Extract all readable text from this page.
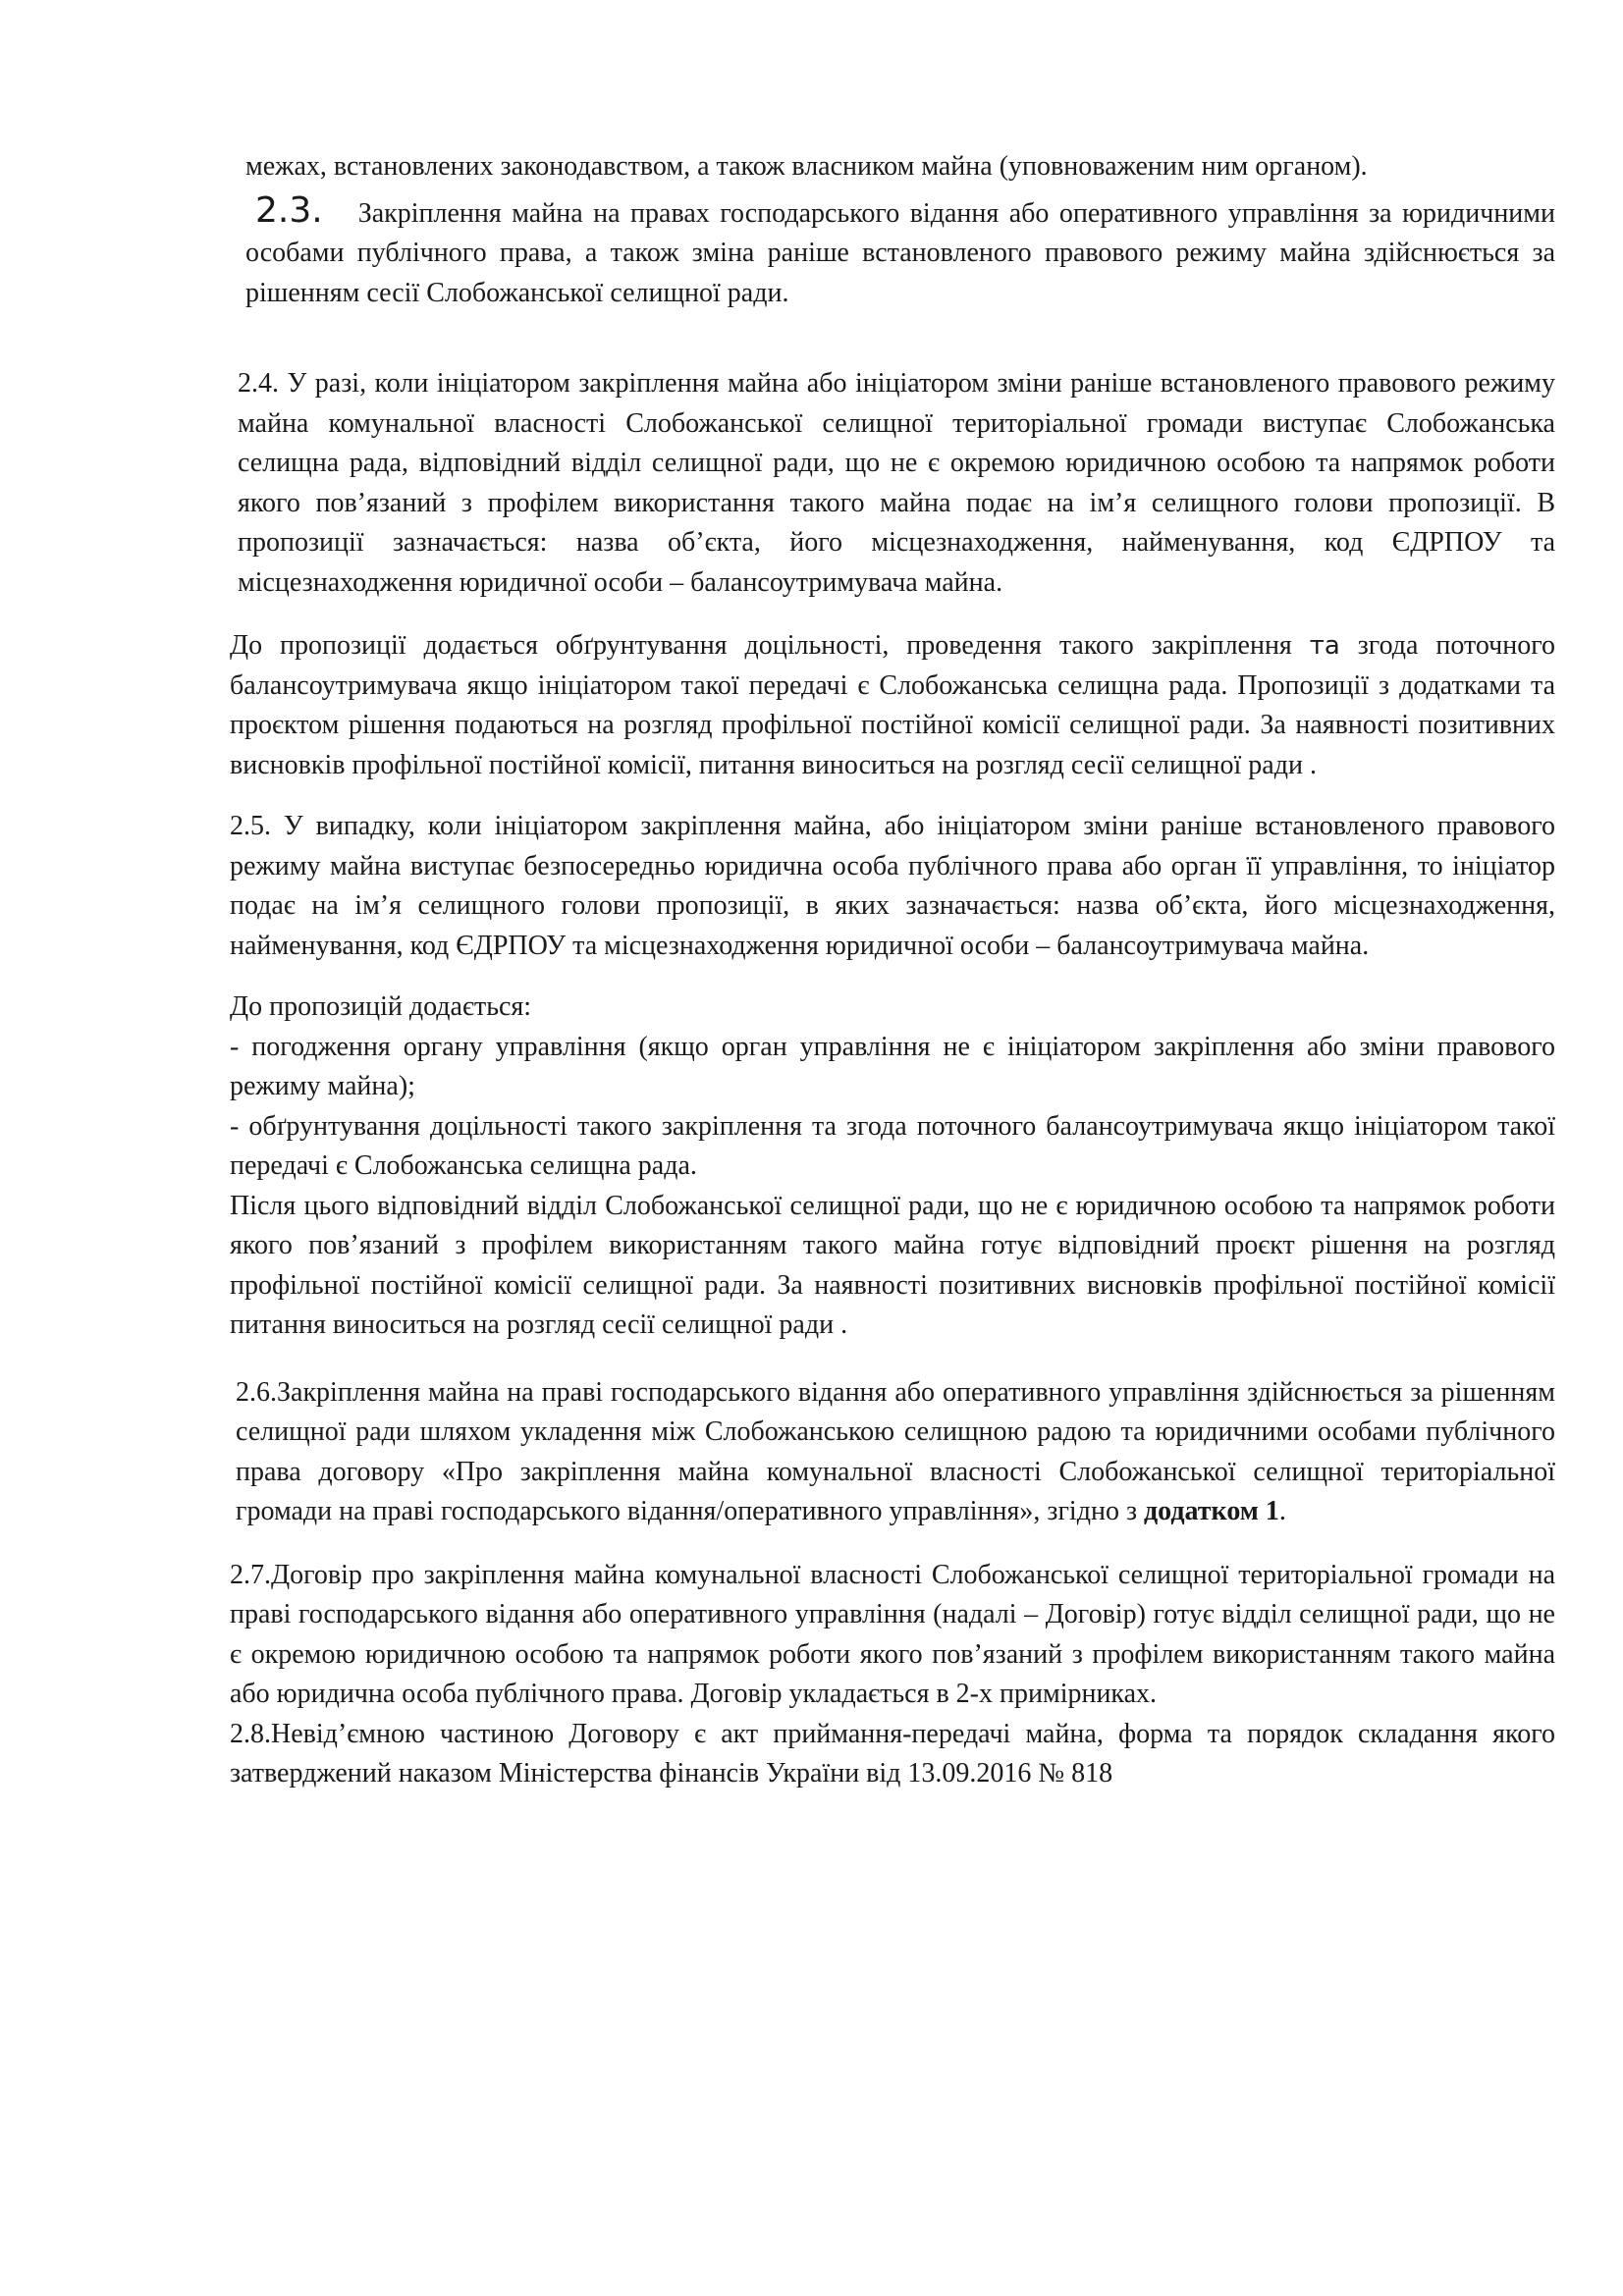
межах, встановлених законодавством, а також власником майна (уповноваженим ним органом).

2.3. Закріплення майна на правах господарського відання або оперативного управління за юридичними особами публічного права, а також зміна раніше встановленого правового режиму майна здійснюється за рішенням сесії Слобожанської селищної ради.

2.4. У разі, коли ініціатором закріплення майна або ініціатором зміни раніше встановленого правового режиму майна комунальної власності Слобожанської селищної територіальної громади виступає Слобожанська селищна рада, відповідний відділ селищної ради, що не є окремою юридичною особою та напрямок роботи якого пов’язаний з профілем використання такого майна подає на ім’я селищного голови пропозиції. В пропозиції зазначається: назва об’єкта, його місцезнаходження, найменування, код ЄДРПОУ та місцезнаходження юридичної особи – балансоутримувача майна.

До пропозиції додається обґрунтування доцільності, проведення такого закріплення та згода поточного балансоутримувача якщо ініціатором такої передачі є Слобожанська селищна рада. Пропозиції з додатками та проєктом рішення подаються на розгляд профільної постійної комісії селищної ради. За наявності позитивних висновків профільної постійної комісії, питання виноситься на розгляд сесії селищної ради .

2.5. У випадку, коли ініціатором закріплення майна, або ініціатором зміни раніше встановленого правового режиму майна виступає безпосередньо юридична особа публічного права або орган її управління, то ініціатор подає на ім’я селищного голови пропозиції, в яких зазначається: назва об’єкта, його місцезнаходження, найменування, код ЄДРПОУ та місцезнаходження юридичної особи – балансоутримувача майна.

До пропозицій додається:

- погодження органу управління (якщо орган управління не є ініціатором закріплення або зміни правового режиму майна);

- обґрунтування доцільності такого закріплення та згода поточного балансоутримувача якщо ініціатором такої передачі є Слобожанська селищна рада.

Після цього відповідний відділ Слобожанської селищної ради, що не є юридичною особою та напрямок роботи якого пов’язаний з профілем використанням такого майна готує відповідний проєкт рішення на розгляд профільної постійної комісії селищної ради. За наявності позитивних висновків профільної постійної комісії питання виноситься на розгляд сесії селищної ради .

2.6.Закріплення майна на праві господарського відання або оперативного управління здійснюється за рішенням селищної ради шляхом укладення між Слобожанською селищною радою та юридичними особами публічного права договору «Про закріплення майна комунальної власності Слобожанської селищної територіальної громади на праві господарського відання/оперативного управління», згідно з додатком 1.

2.7.Договір про закріплення майна комунальної власності Слобожанської селищної територіальної громади на праві господарського відання або оперативного управління (надалі – Договір) готує відділ селищної ради, що не є окремою юридичною особою та напрямок роботи якого пов’язаний з профілем використанням такого майна або юридична особа публічного права. Договір укладається в 2-х примірниках.

2.8.Невід’ємною частиною Договору є акт приймання-передачі майна, форма та порядок складання якого затверджений наказом Міністерства фінансів України від 13.09.2016 № 818
